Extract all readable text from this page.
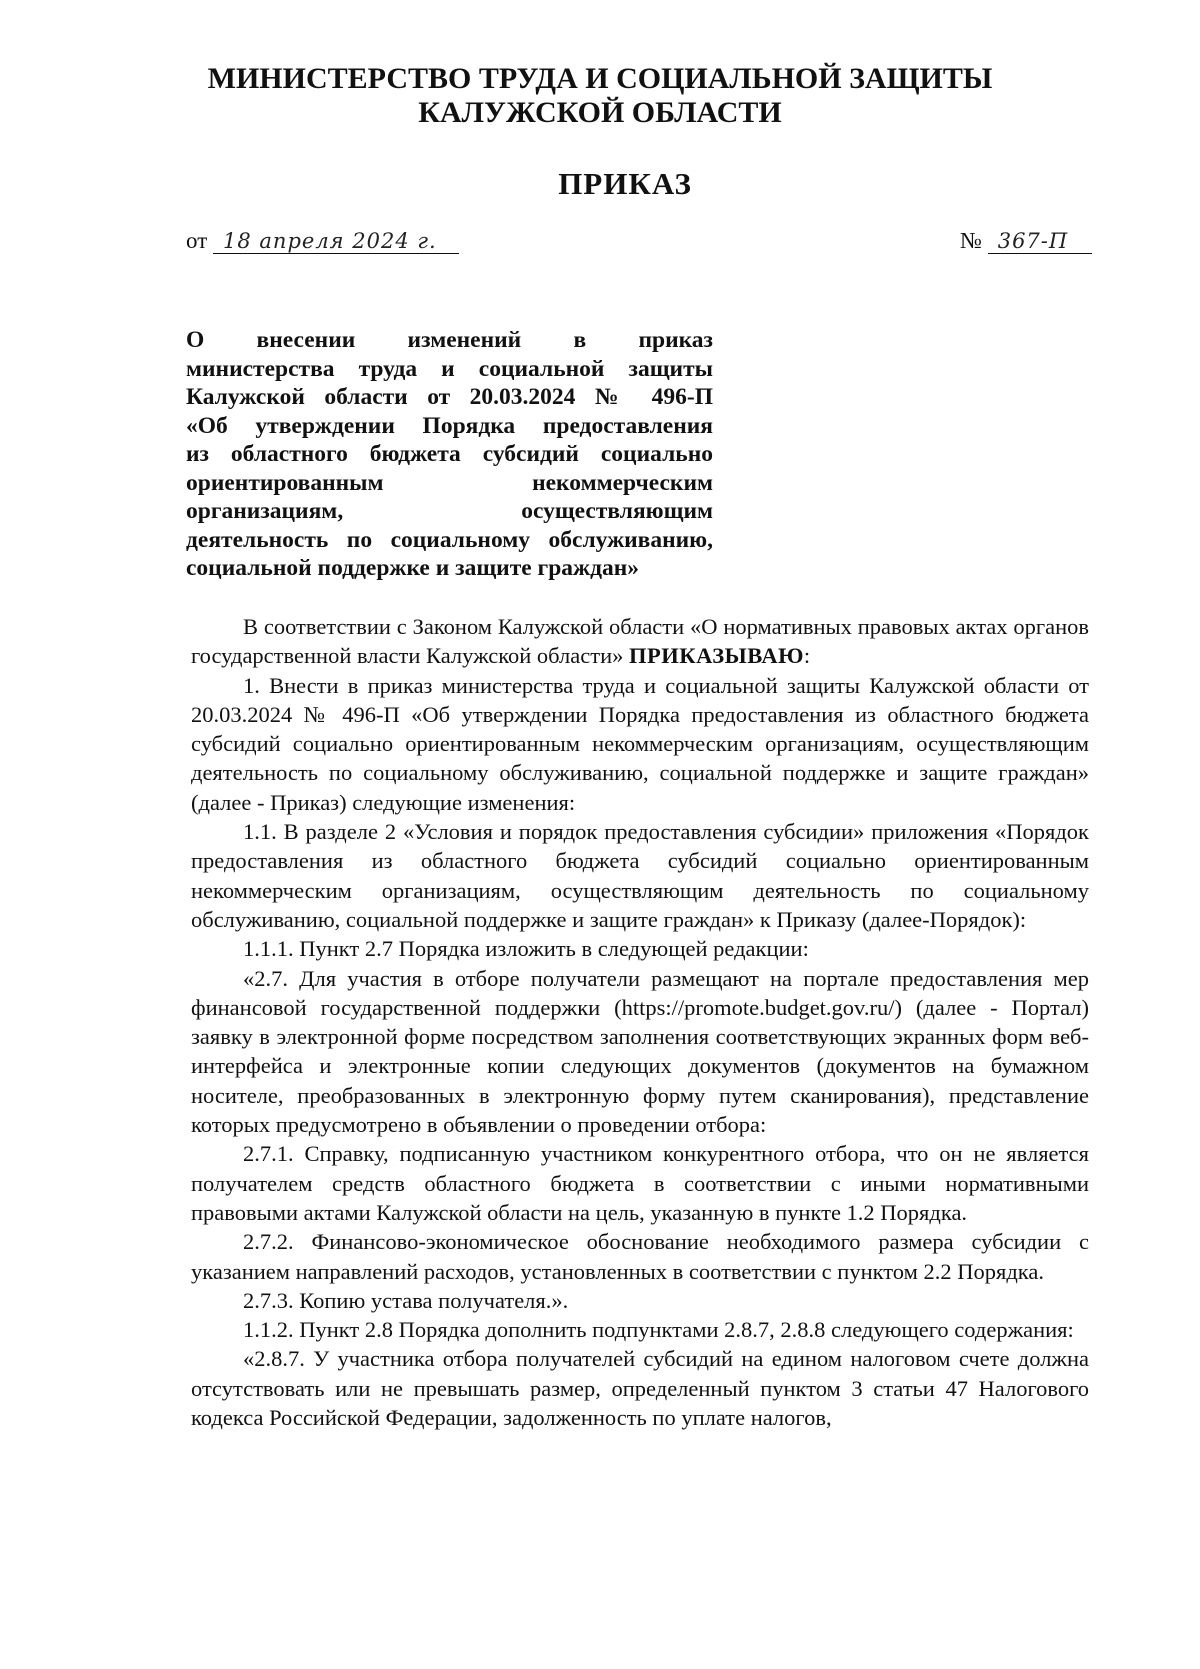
МИНИСТЕРСТВО ТРУДА И СОЦИАЛЬНОЙ ЗАЩИТЫ
КАЛУЖСКОЙ ОБЛАСТИ
ПРИКАЗ
от 18 апреля 2024 г.	№ 367-П
О внесении изменений в приказ
министерства труда и социальной защиты
Калужской области от 20.03.2024 № 496-П
«Об утверждении Порядка предоставления
из областного бюджета субсидий социально
ориентированным некоммерческим
организациям, осуществляющим
деятельность по социальному обслуживанию,
социальной поддержке и защите граждан»

В соответствии с Законом Калужской области «О нормативных правовых актах органов государственной власти Калужской области» ПРИКАЗЫВАЮ:

1. Внести в приказ министерства труда и социальной защиты Калужской области от 20.03.2024 № 496-П «Об утверждении Порядка предоставления из областного бюджета субсидий социально ориентированным некоммерческим организациям, осуществляющим деятельность по социальному обслуживанию, социальной поддержке и защите граждан» (далее - Приказ) следующие изменения:

1.1. В разделе 2 «Условия и порядок предоставления субсидии» приложения «Порядок предоставления из областного бюджета субсидий социально ориентированным некоммерческим организациям, осуществляющим деятельность по социальному обслуживанию, социальной поддержке и защите граждан» к Приказу (далее-Порядок):

1.1.1. Пункт 2.7 Порядка изложить в следующей редакции:

«2.7. Для участия в отборе получатели размещают на портале предоставления мер финансовой государственной поддержки (https://promote.budget.gov.ru/) (далее - Портал) заявку в электронной форме посредством заполнения соответствующих экранных форм веб-интерфейса и электронные копии следующих документов (документов на бумажном носителе, преобразованных в электронную форму путем сканирования), представление которых предусмотрено в объявлении о проведении отбора:

2.7.1. Справку, подписанную участником конкурентного отбора, что он не является получателем средств областного бюджета в соответствии с иными нормативными правовыми актами Калужской области на цель, указанную в пункте 1.2 Порядка.

2.7.2. Финансово-экономическое обоснование необходимого размера субсидии с указанием направлений расходов, установленных в соответствии с пунктом 2.2 Порядка.

2.7.3. Копию устава получателя.».

1.1.2. Пункт 2.8 Порядка дополнить подпунктами 2.8.7, 2.8.8 следующего содержания:

«2.8.7. У участника отбора получателей субсидий на едином налоговом счете должна отсутствовать или не превышать размер, определенный пунктом 3 статьи 47 Налогового кодекса Российской Федерации, задолженность по уплате налогов,
